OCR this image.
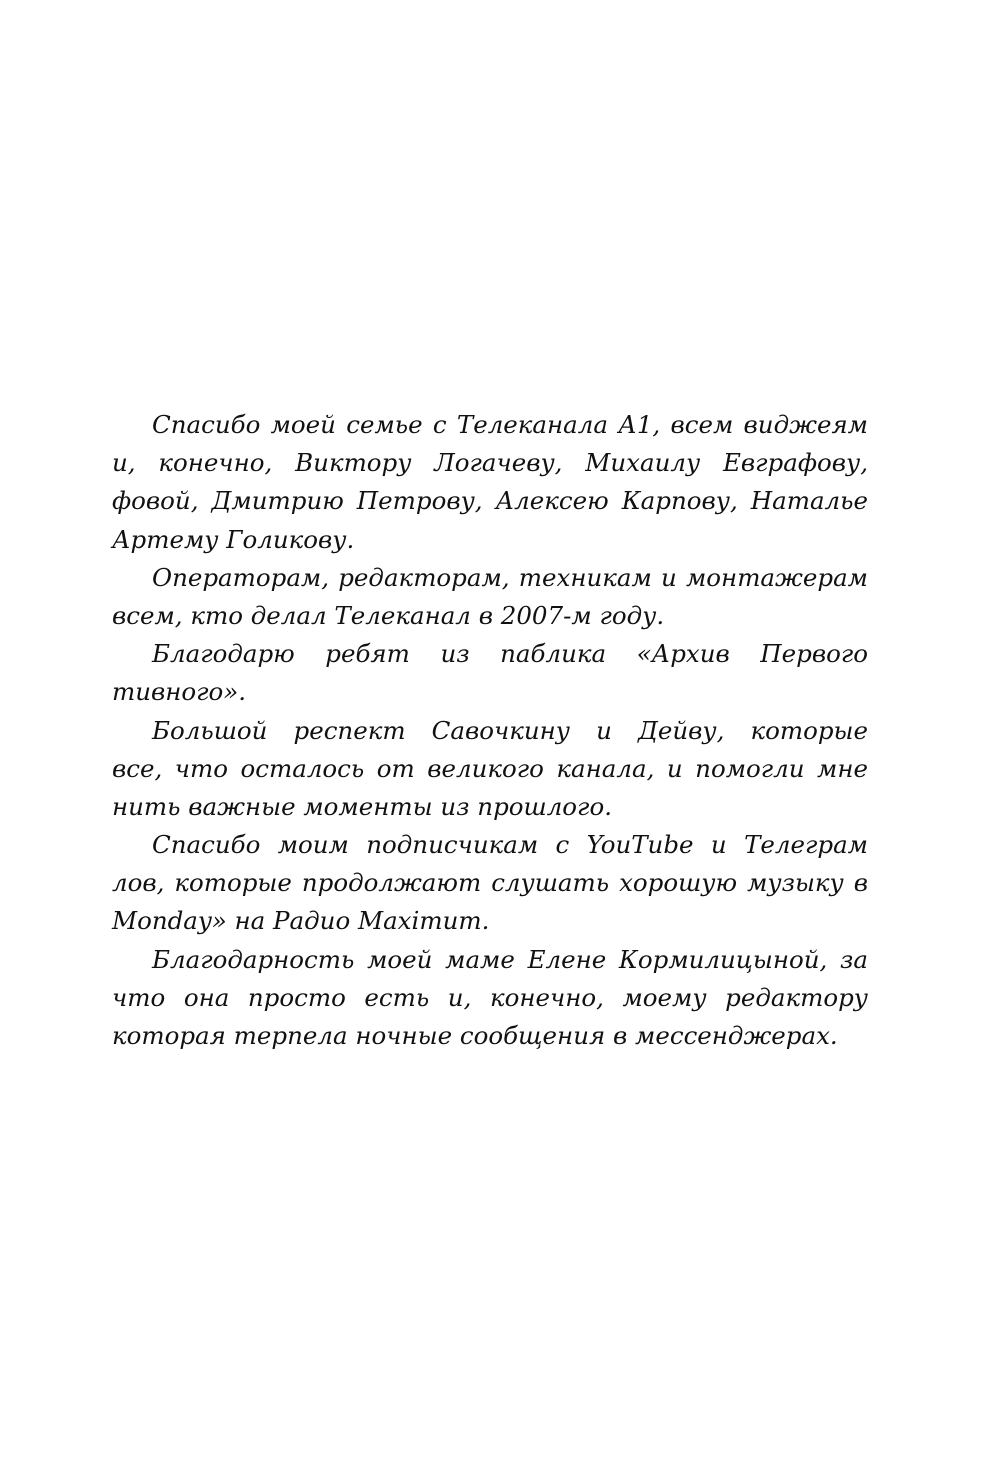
Спасибо моей семье с Телеканала А1, всем виджеям
и, конечно, Виктору Логачеву, Михаилу Евграфову,
фовой, Дмитрию Петрову, Алексею Карпову, Наталье
Артему Голикову.

Операторам, редакторам, техникам и монтажерам
всем, кто делал Телеканал в 2007-м году.

Благодарю ребят из паблика «Архив Первого
тивного».

Большой респект Савочкину и Дейву, которые
все, что осталось от великого канала, и помогли мне
нить важные моменты из прошлого.

Спасибо моим подписчикам с YouTube и Телеграм
лов, которые продолжают слушать хорошую музыку в
Monday» на Радио Maximum.

Благодарность моей маме Елене Кормилицыной, за
что она просто есть и, конечно, моему редактору
которая терпела ночные сообщения в мессенджерах.
